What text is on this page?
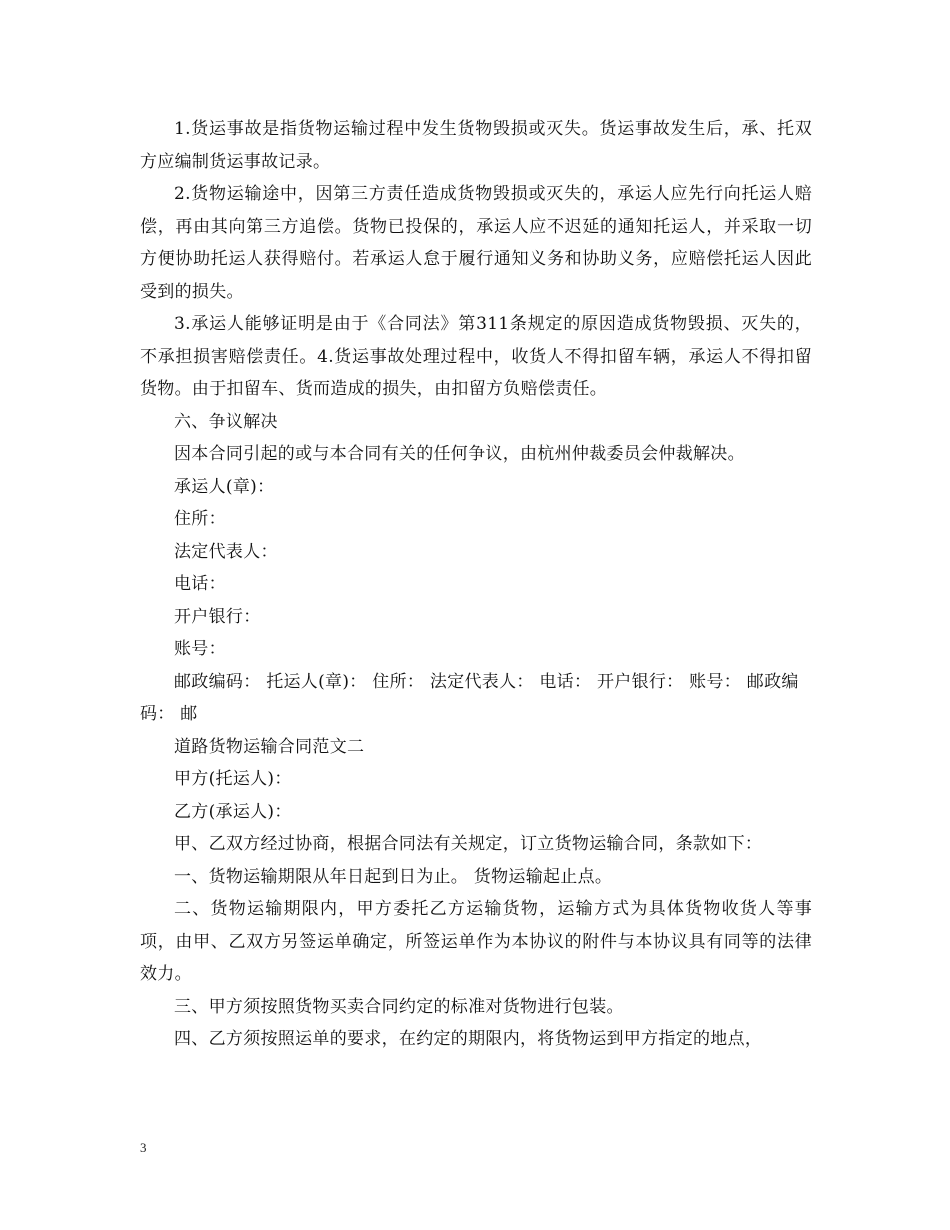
1.货运事故是指货物运输过程中发生货物毁损或灭失。货运事故发生后，承、托双方应编制货运事故记录。

2.货物运输途中，因第三方责任造成货物毁损或灭失的，承运人应先行向托运人赔偿，再由其向第三方追偿。货物已投保的，承运人应不迟延的通知托运人，并采取一切方便协助托运人获得赔付。若承运人怠于履行通知义务和协助义务，应赔偿托运人因此受到的损失。

3.承运人能够证明是由于《合同法》第311条规定的原因造成货物毁损、灭失的，不承担损害赔偿责任。4.货运事故处理过程中，收货人不得扣留车辆，承运人不得扣留货物。由于扣留车、货而造成的损失，由扣留方负赔偿责任。

六、争议解决

因本合同引起的或与本合同有关的任何争议，由杭州仲裁委员会仲裁解决。

承运人(章)：

住所：

法定代表人：

电话：

开户银行：

账号：

邮政编码： 托运人(章)： 住所： 法定代表人： 电话： 开户银行： 账号： 邮政编码： 邮

道路货物运输合同范文二

甲方(托运人)：

乙方(承运人)：

甲、乙双方经过协商，根据合同法有关规定，订立货物运输合同，条款如下：

一、货物运输期限从年日起到日为止。 货物运输起止点。

二、货物运输期限内，甲方委托乙方运输货物，运输方式为具体货物收货人等事项，由甲、乙双方另签运单确定，所签运单作为本协议的附件与本协议具有同等的法律效力。

三、甲方须按照货物买卖合同约定的标准对货物进行包装。

四、乙方须按照运单的要求，在约定的期限内，将货物运到甲方指定的地点，

3
